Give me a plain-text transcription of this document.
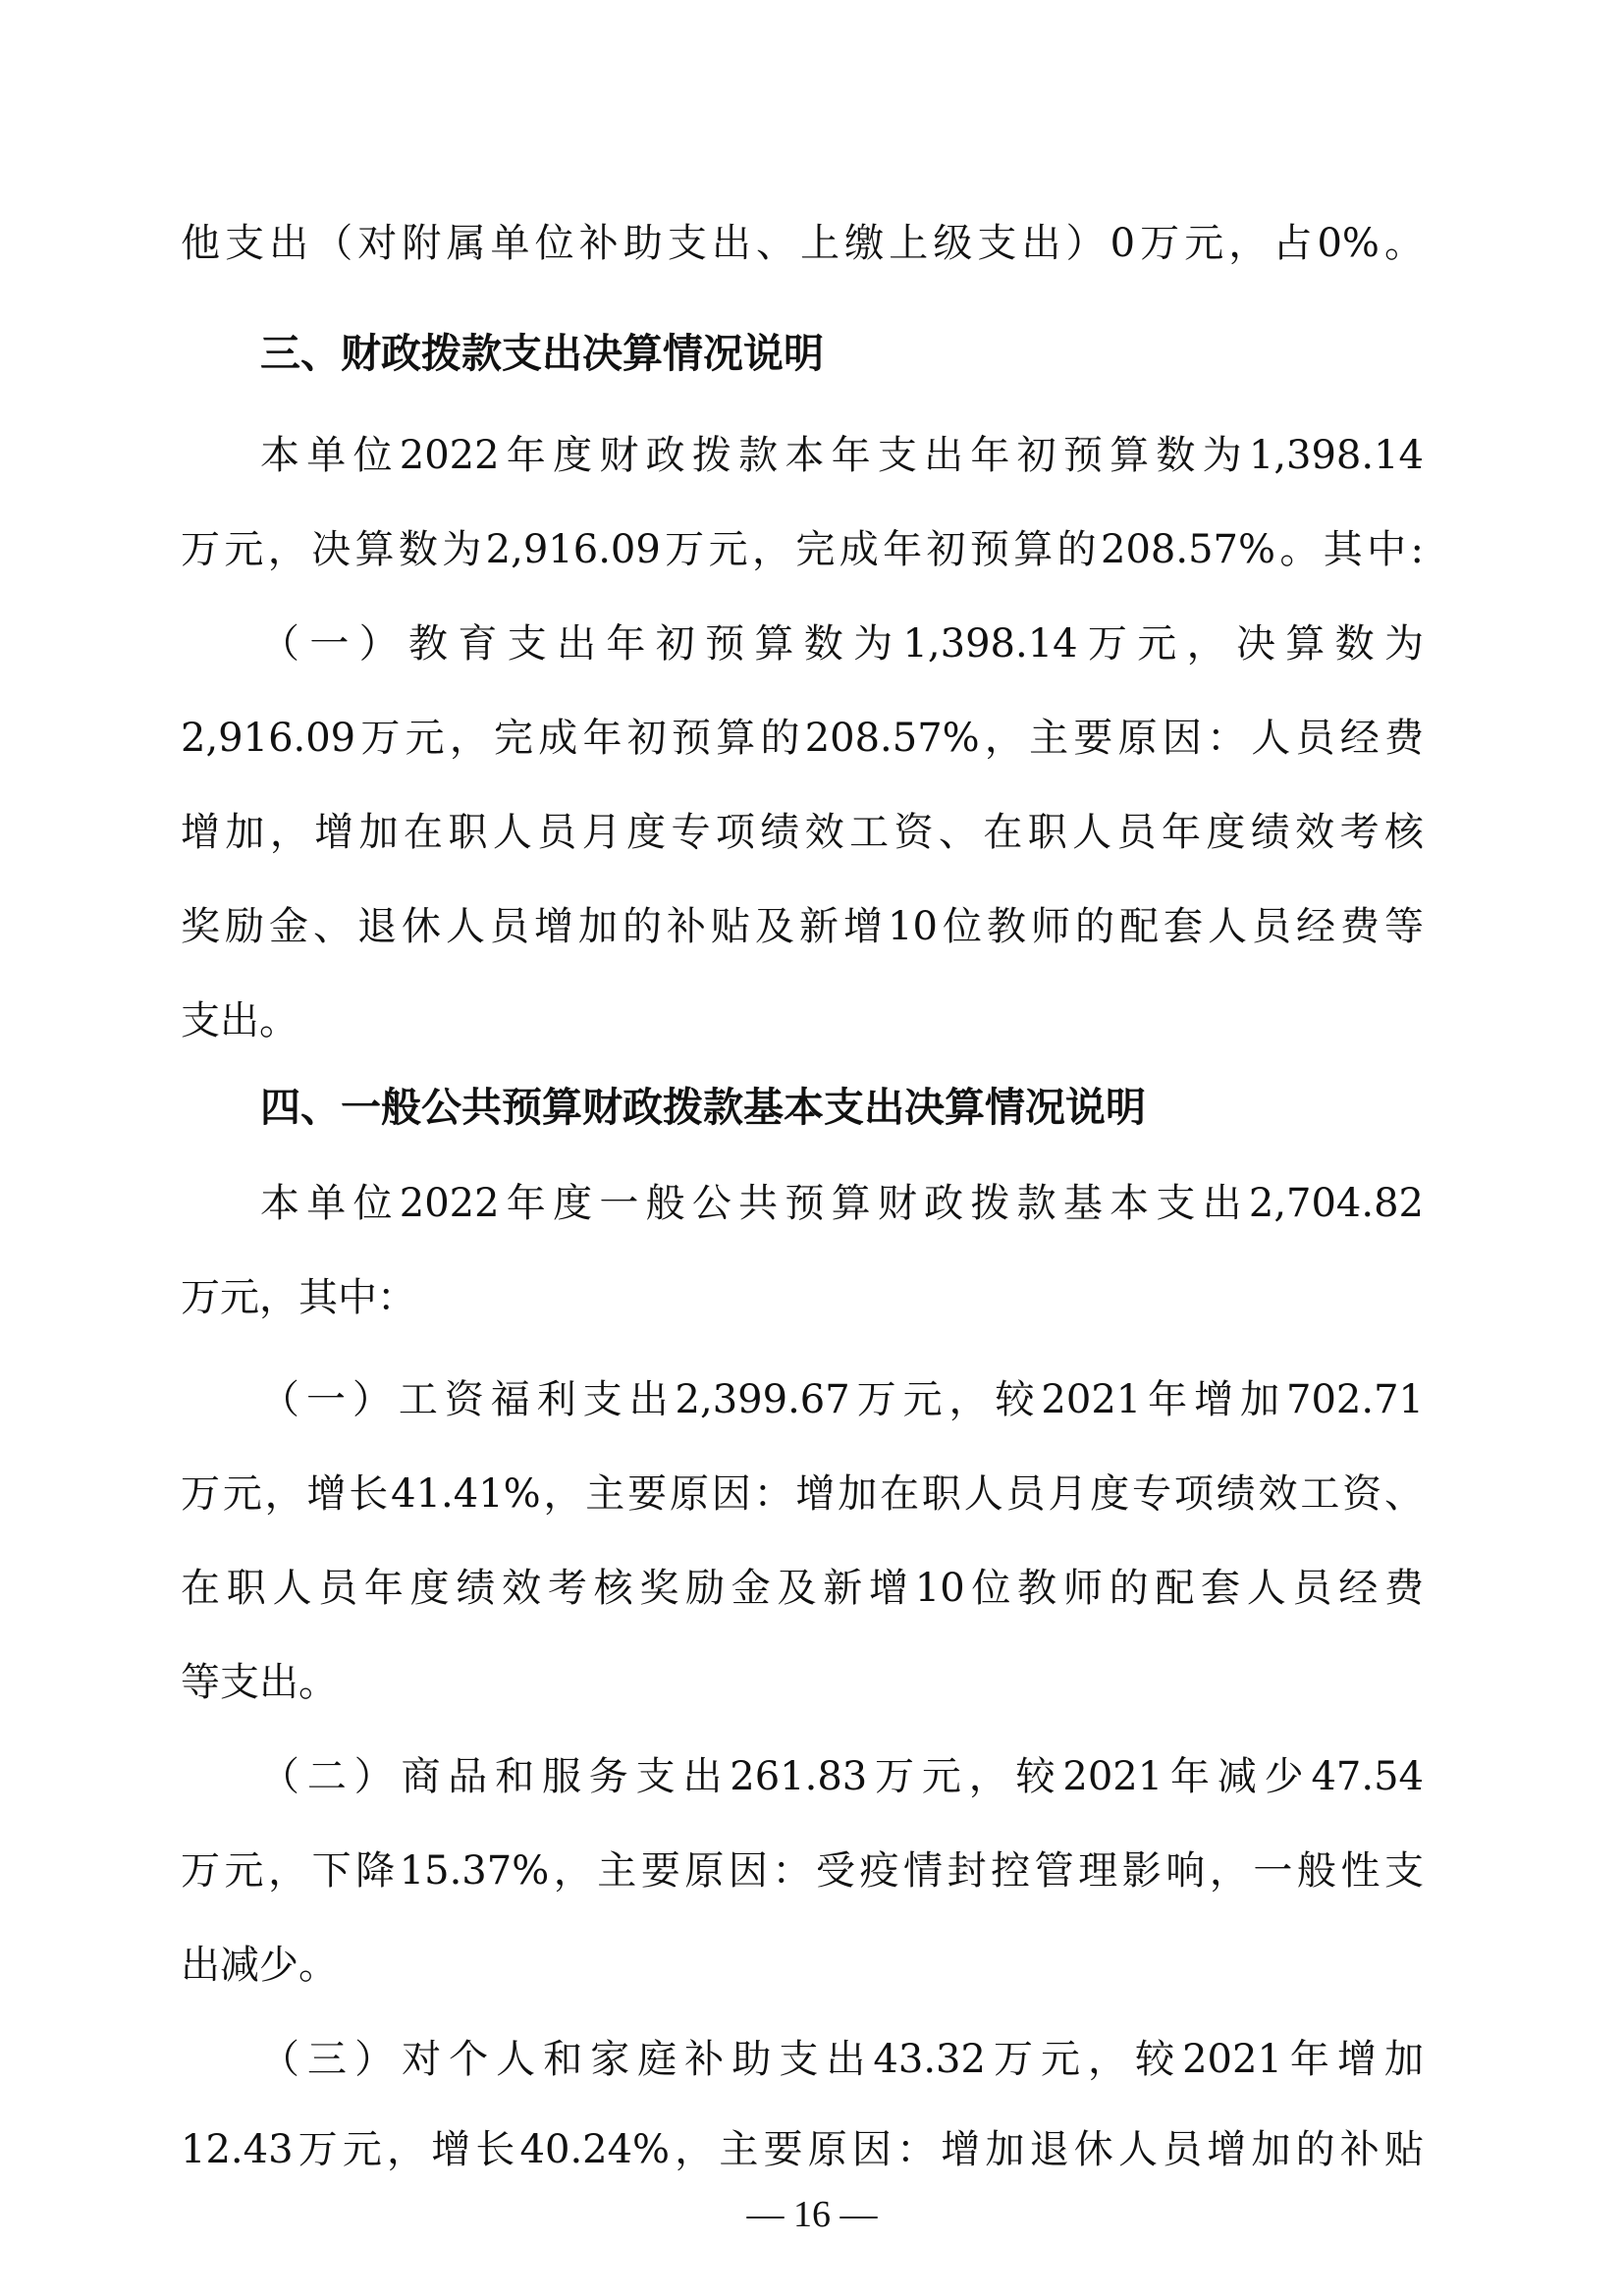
他支出（对附属单位补助支出、上缴上级支出）0万元，占0%。
三、财政拨款支出决算情况说明
本单位2022年度财政拨款本年支出年初预算数为1,398.14
万元，决算数为2,916.09万元，完成年初预算的208.57%。其中:
（一）教育支出年初预算数为1,398.14万元，决算数为
2,916.09万元，完成年初预算的208.57%，主要原因：人员经费
增加，增加在职人员月度专项绩效工资、在职人员年度绩效考核
奖励金、退休人员增加的补贴及新增10位教师的配套人员经费等
支出。
四、一般公共预算财政拨款基本支出决算情况说明
本单位2022年度一般公共预算财政拨款基本支出2,704.82
万元，其中：
（一）工资福利支出2,399.67万元，较2021年增加702.71
万元，增长41.41%，主要原因：增加在职人员月度专项绩效工资、
在职人员年度绩效考核奖励金及新增10位教师的配套人员经费
等支出。
（二）商品和服务支出261.83万元，较2021年减少47.54
万元，下降15.37%，主要原因：受疫情封控管理影响，一般性支
出减少。
（三）对个人和家庭补助支出43.32万元，较2021年增加
12.43万元，增长40.24%，主要原因：增加退休人员增加的补贴
— 16 —
